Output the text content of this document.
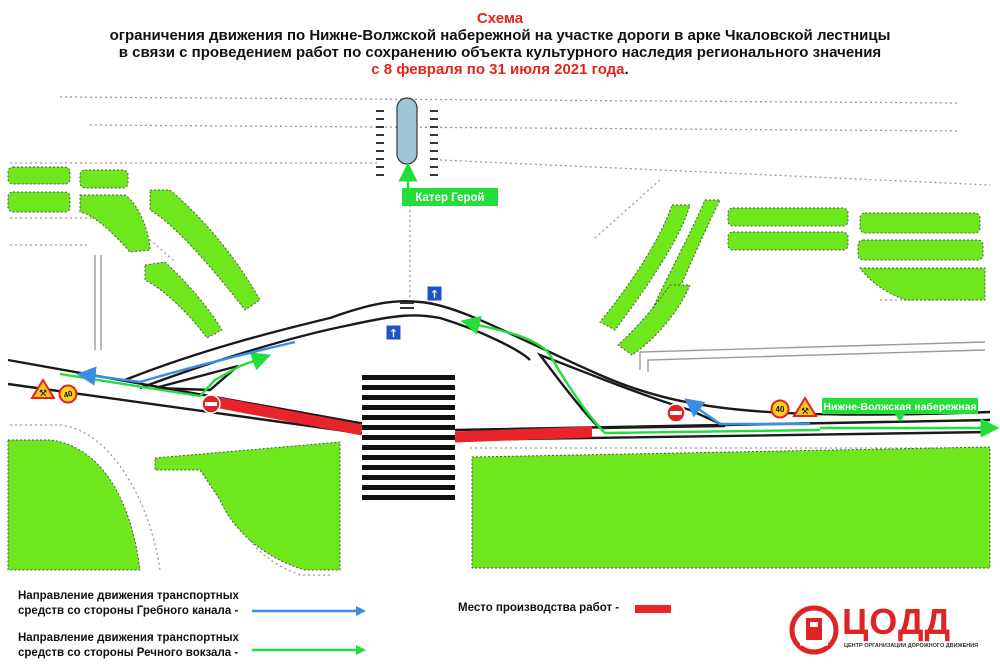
Схема
ограничения движения по Нижне-Волжской набережной на участке дороги в арке Чкаловской лестницы
в связи с проведением работ по сохранению объекта культурного наследия регионального значения
с 8 февраля по 31 июля 2021 года.
Катер Герой
Нижне-Волжская набережная
⚒ 40
40 ⚒
↑
↑
Направление движения транспортных
средств со стороны Гребного канала -
Направление движения транспортных
средств со стороны Речного вокзала -
Место производства работ -	ЦОДД
ЦЕНТР ОРГАНИЗАЦИИ ДОРОЖНОГО ДВИЖЕНИЯ
